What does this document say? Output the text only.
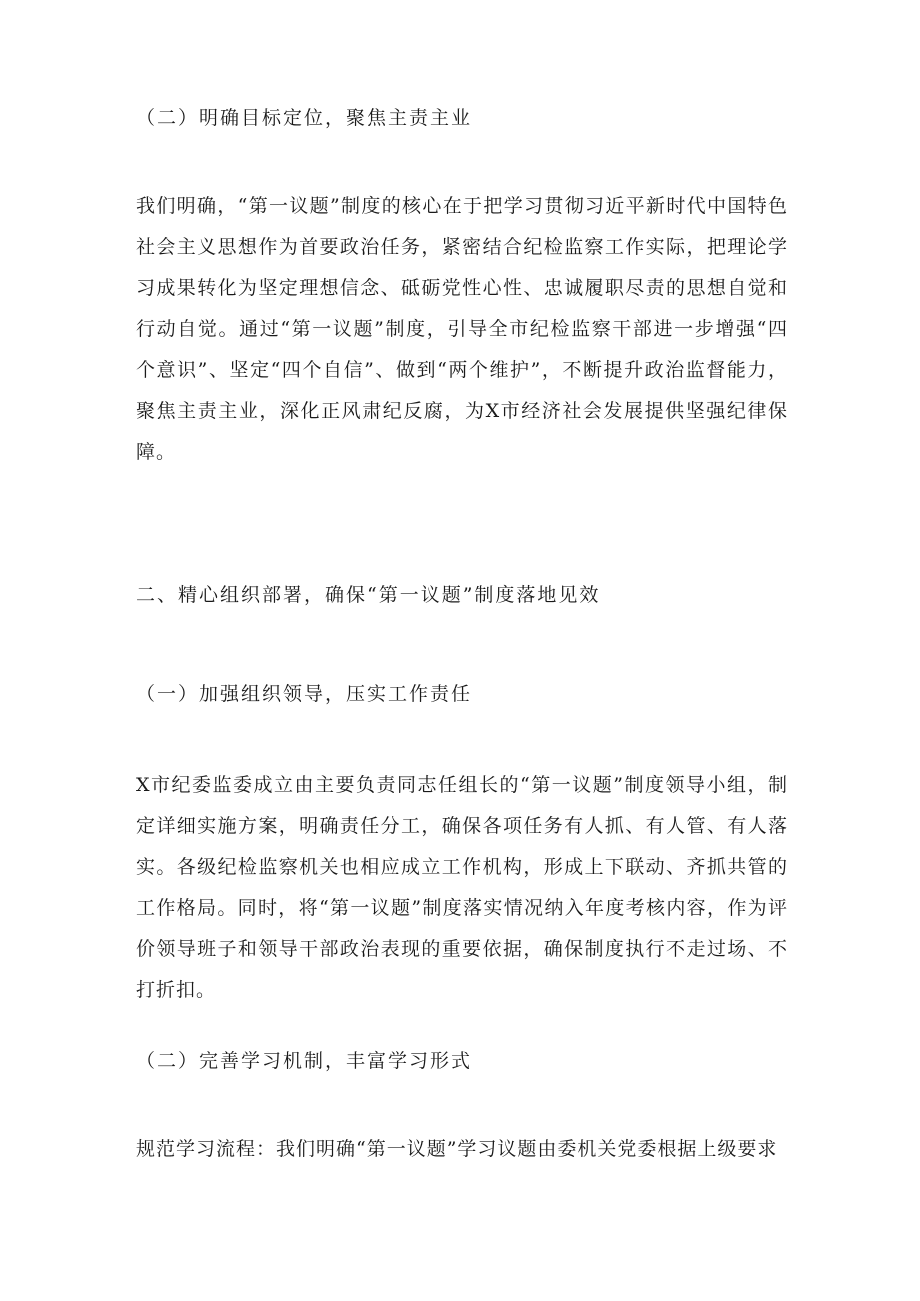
（二）明确目标定位，聚焦主责主业

我们明确，“第一议题”制度的核心在于把学习贯彻习近平新时代中国特色社会主义思想作为首要政治任务，紧密结合纪检监察工作实际，把理论学习成果转化为坚定理想信念、砥砺党性心性、忠诚履职尽责的思想自觉和行动自觉。通过“第一议题”制度，引导全市纪检监察干部进一步增强“四个意识”、坚定“四个自信”、做到“两个维护”，不断提升政治监督能力，聚焦主责主业，深化正风肃纪反腐，为X市经济社会发展提供坚强纪律保障。

二、精心组织部署，确保“第一议题”制度落地见效
（一）加强组织领导，压实工作责任

X市纪委监委成立由主要负责同志任组长的“第一议题”制度领导小组，制定详细实施方案，明确责任分工，确保各项任务有人抓、有人管、有人落实。各级纪检监察机关也相应成立工作机构，形成上下联动、齐抓共管的工作格局。同时，将“第一议题”制度落实情况纳入年度考核内容，作为评价领导班子和领导干部政治表现的重要依据，确保制度执行不走过场、不打折扣。

（二）完善学习机制，丰富学习形式

规范学习流程：我们明确“第一议题”学习议题由委机关党委根据上级要求
